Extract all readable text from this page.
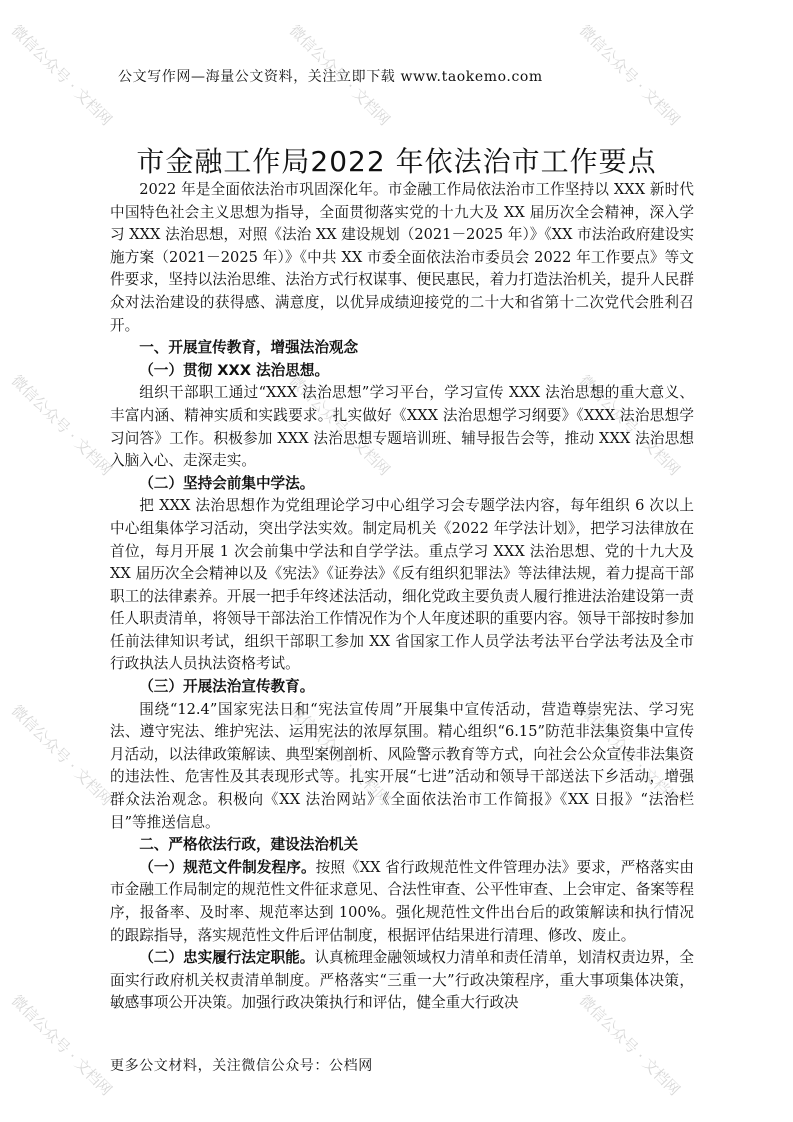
微信公众号 · 文档网	微信公众号 · 文档网	微信公众号 · 文档网
微信公众号 · 文档网	微信公众号 · 文档网	微信公众号 · 文档网
微信公众号 · 文档网	微信公众号 · 文档网	微信公众号 · 文档网
微信公众号 · 文档网	微信公众号 · 文档网
公文写作网—海量公文资料，关注立即下载 www.taokemo.com
市金融工作局2022 年依法治市工作要点

2022 年是全面依法治市巩固深化年。市金融工作局依法治市工作坚持以 XXX 新时代中国特色社会主义思想为指导，全面贯彻落实党的十九大及 XX 届历次全会精神，深入学习 XXX 法治思想，对照《法治 XX 建设规划（2021－2025 年）》《XX 市法治政府建设实施方案（2021－2025 年）》《中共 XX 市委全面依法治市委员会 2022 年工作要点》等文件要求，坚持以法治思维、法治方式行权谋事、便民惠民，着力打造法治机关，提升人民群众对法治建设的获得感、满意度，以优异成绩迎接党的二十大和省第十二次党代会胜利召开。

一、开展宣传教育，增强法治观念

（一）贯彻 XXX 法治思想。

组织干部职工通过“XXX 法治思想”学习平台，学习宣传 XXX 法治思想的重大意义、丰富内涵、精神实质和实践要求。扎实做好《XXX 法治思想学习纲要》《XXX 法治思想学习问答》工作。积极参加 XXX 法治思想专题培训班、辅导报告会等，推动 XXX 法治思想入脑入心、走深走实。

（二）坚持会前集中学法。

把 XXX 法治思想作为党组理论学习中心组学习会专题学法内容，每年组织 6 次以上中心组集体学习活动，突出学法实效。制定局机关《2022 年学法计划》，把学习法律放在首位，每月开展 1 次会前集中学法和自学学法。重点学习 XXX 法治思想、党的十九大及 XX 届历次全会精神以及《宪法》《证券法》《反有组织犯罪法》等法律法规，着力提高干部职工的法律素养。开展一把手年终述法活动，细化党政主要负责人履行推进法治建设第一责任人职责清单，将领导干部法治工作情况作为个人年度述职的重要内容。领导干部按时参加任前法律知识考试，组织干部职工参加 XX 省国家工作人员学法考法平台学法考法及全市行政执法人员执法资格考试。

（三）开展法治宣传教育。

围绕“12.4”国家宪法日和“宪法宣传周”开展集中宣传活动，营造尊崇宪法、学习宪法、遵守宪法、维护宪法、运用宪法的浓厚氛围。精心组织“6.15”防范非法集资集中宣传月活动，以法律政策解读、典型案例剖析、风险警示教育等方式，向社会公众宣传非法集资的违法性、危害性及其表现形式等。扎实开展“七进”活动和领导干部送法下乡活动，增强群众法治观念。积极向《XX 法治网站》《全面依法治市工作简报》《XX 日报》“法治栏目”等推送信息。

二、严格依法行政，建设法治机关

（一）规范文件制发程序。按照《XX 省行政规范性文件管理办法》要求，严格落实由市金融工作局制定的规范性文件征求意见、合法性审查、公平性审查、上会审定、备案等程序，报备率、及时率、规范率达到 100%。强化规范性文件出台后的政策解读和执行情况的跟踪指导，落实规范性文件后评估制度，根据评估结果进行清理、修改、废止。

（二）忠实履行法定职能。认真梳理金融领域权力清单和责任清单，划清权责边界，全面实行政府机关权责清单制度。严格落实“三重一大”行政决策程序，重大事项集体决策，敏感事项公开决策。加强行政决策执行和评估，健全重大行政决

更多公文材料，关注微信公众号：公档网
